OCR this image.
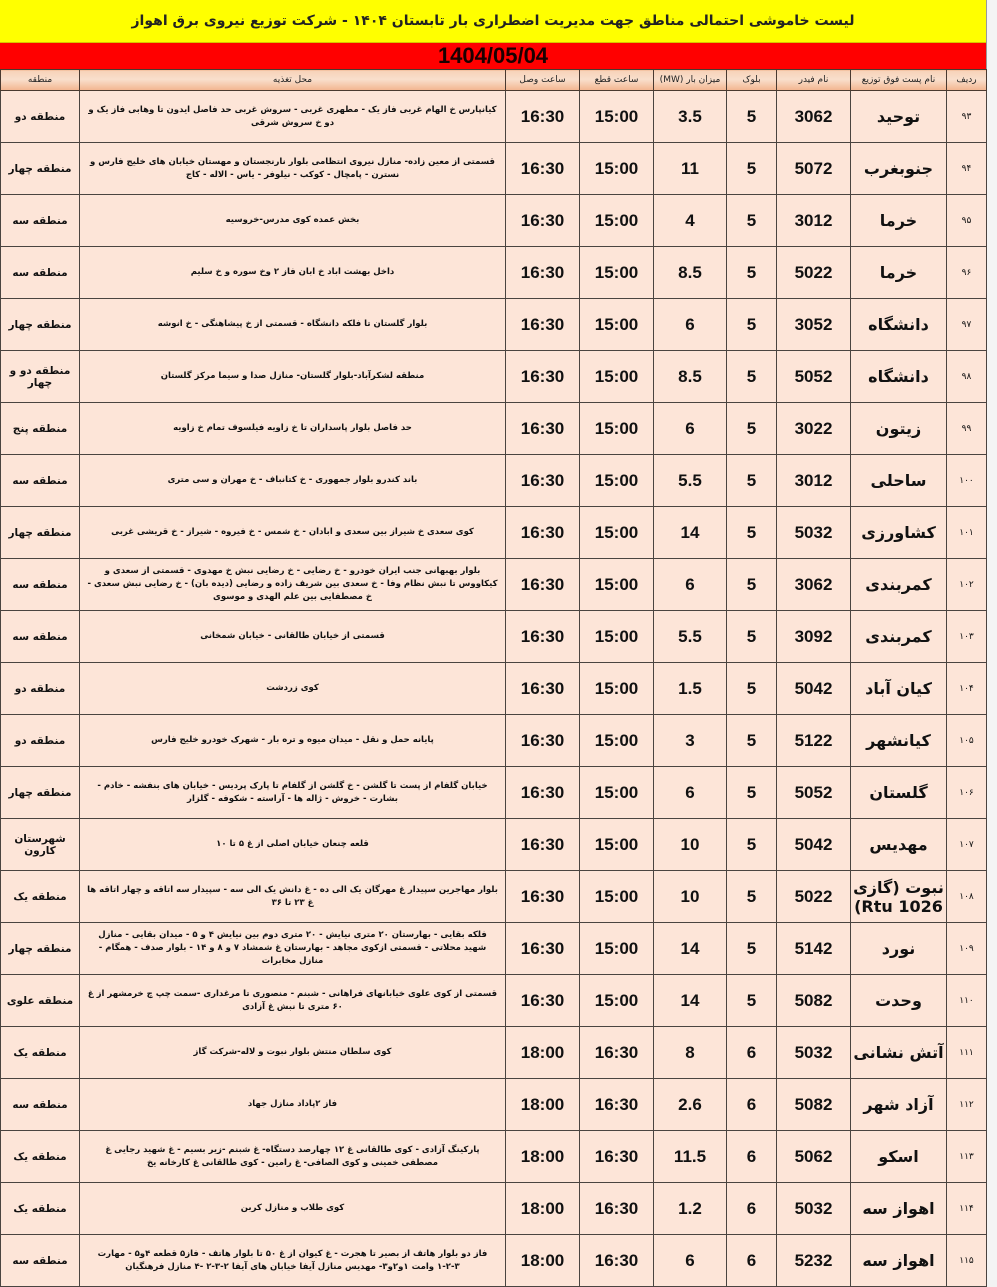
لیست خاموشی احتمالی مناطق جهت مدیریت اضطراری بار تابستان ۱۴۰۴ - شرکت توزیع نیروی برق اهواز
1404/05/04
ردیف	نام پست فوق توزیع	نام فیدر	بلوک	میزان بار (MW)	ساعت قطع	ساعت وصل	محل تغذیه	منطقه
۹۳	توحید	3062	5	3.5	15:00	16:30	کیانپارس خ الهام غربی فاز یک - مطهری غربی - سروش غربی حد فاصل ایدون تا وهابی فاز یک و دو خ سروش شرقی	منطقه دو
۹۴	جنوبغرب	5072	5	11	15:00	16:30	قسمتی از معین زاده- منازل نیروی انتظامی بلوار نارنجستان و مهستان خیابان های خلیج فارس و نسترن - پامچال - کوکب - نیلوفر - یاس - الاله - کاج	منطقه چهار
۹۵	خرما	3012	5	4	15:00	16:30	بخش عمده کوی مدرس-خروسیه	منطقه سه
۹۶	خرما	5022	5	8.5	15:00	16:30	داخل بهشت اباد خ ابان فاز ۲ وخ سوره و خ سلیم	منطقه سه
۹۷	دانشگاه	3052	5	6	15:00	16:30	بلوار گلستان تا فلکه دانشگاه - قسمتی از خ پیشاهنگی - خ انوشه	منطقه چهار
۹۸	دانشگاه	5052	5	8.5	15:00	16:30	منطقه لشکرآباد-بلوار گلستان- منازل صدا و سیما مرکز گلستان	منطقه دو و چهار
۹۹	زیتون	3022	5	6	15:00	16:30	حد فاصل بلوار پاسداران تا خ زاویه فیلسوف تمام خ زاویه	منطقه پنج
۱۰۰	ساحلی	3012	5	5.5	15:00	16:30	باند کندرو بلوار جمهوری - خ کتانباف - خ مهران و سی متری	منطقه سه
۱۰۱	کشاورزی	5032	5	14	15:00	16:30	کوی سعدی خ شیراز بین سعدی و ابادان - خ شمس - خ فیروه - شیراز - خ قریشی غربی	منطقه چهار
۱۰۲	کمربندی	3062	5	6	15:00	16:30	بلوار بهبهانی جنب ایران خودرو - خ رضایی - خ رضایی نبش خ مهدوی - قسمتی از سعدی و کیکاووس تا نبش نظام وفا - خ سعدی بین شریف زاده و رضایی (دیده بان) - خ رضایی نبش سعدی - خ مصطفایی بین علم الهدی و موسوی	منطقه سه
۱۰۳	کمربندی	3092	5	5.5	15:00	16:30	قسمتی از خیابان طالقانی - خیابان شمخانی	منطقه سه
۱۰۴	کیان آباد	5042	5	1.5	15:00	16:30	کوی زردشت	منطقه دو
۱۰۵	کیانشهر	5122	5	3	15:00	16:30	پایانه حمل و نقل - میدان میوه و تره بار - شهرک خودرو خلیج فارس	منطقه دو
۱۰۶	گلستان	5052	5	6	15:00	16:30	خیابان گلفام از پست تا گلشن - خ گلشن از گلفام تا پارک پردیس - خیابان های بنفشه - خادم - بشارت - خروش - ژاله ها - آراسته - شکوفه - گلزار	منطقه چهار
۱۰۷	مهدیس	5042	5	10	15:00	16:30	قلعه چنعان خیابان اصلی از غ ۵ تا ۱۰	شهرستان کارون
۱۰۸	نبوت (گازی Rtu 1026)	5022	5	10	15:00	16:30	بلوار مهاجرین سپیدار غ مهرگان یک الی ده - غ دانش یک الی سه - سپیدار سه اتاقه و چهار اتاقه ها غ ۲۳ تا ۳۶	منطقه یک
۱۰۹	نورد	5142	5	14	15:00	16:30	فلکه بقایی - بهارستان ۲۰ متری نیایش - ۲۰ متری دوم بین نیایش ۴ و ۵ - میدان بقایی - منازل شهید محلاتی - قسمتی ازکوی مجاهد - بهارستان غ شمشاد ۷ و ۸ و ۱۴ - بلوار صدف - همگام - منازل مخابرات	منطقه چهار
۱۱۰	وحدت	5082	5	14	15:00	16:30	قسمتی از کوی علوی خیابانهای فراهانی - شبنم - منصوری تا مرغداری -سمت چپ چ خرمشهر از غ ۶۰ متری تا نبش غ آزادی	منطقه علوی
۱۱۱	آتش نشانی	5032	6	8	16:30	18:00	کوی سلطان منتش بلوار نبوت و لاله-شرکت گاز	منطقه یک
۱۱۲	آزاد شهر	5082	6	2.6	16:30	18:00	فاز ۲پاداد منازل جهاد	منطقه سه
۱۱۳	اسکو	5062	6	11.5	16:30	18:00	پارکینگ آزادی - کوی طالقانی غ ۱۲ چهارصد دستگاه- غ شبنم -زیر بسیم - غ شهید رجایی غ مصطفی خمینی و کوی الصافی- غ رامین - کوی طالقانی غ کارخانه یخ	منطقه یک
۱۱۴	اهواز سه	5032	6	1.2	16:30	18:00	کوی طلاب و منازل کربن	منطقه یک
۱۱۵	اهواز سه	5232	6	6	16:30	18:00	فاز دو بلوار هاتف از بصیر تا هجرت - غ کیوان از غ ۵۰ تا بلوار هاتف - فاز۵ قطعه ۴و۵ - مهارت ۳-۲-۱ وامت ۱و۲و۳- مهدیس منازل آیفا خیابان های آیفا ۲-۳-۲ -۴ منازل فرهنگیان	منطقه سه
